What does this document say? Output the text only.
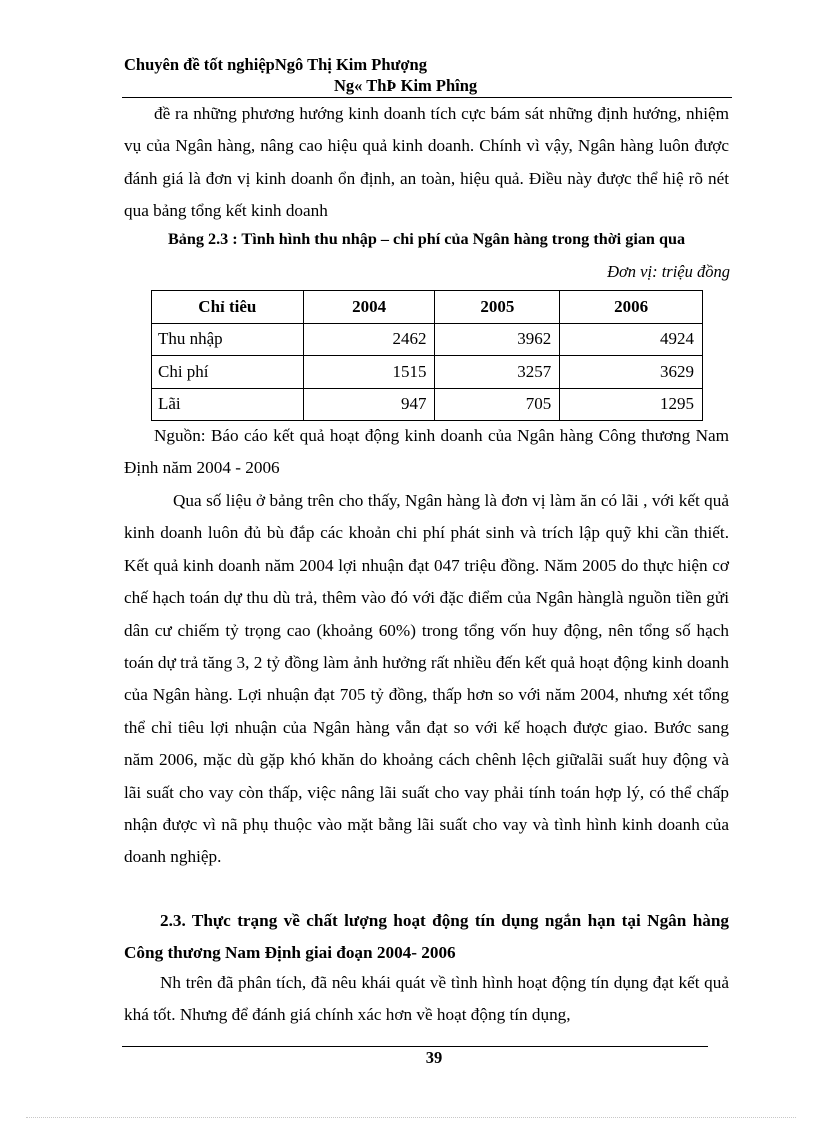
Chuyên đề tốt nghiệpNgô Thị Kim Phượng
Ng« ThÞ Kim Phîng
đề ra những phương hướng kinh doanh tích cực bám sát những định hướng, nhiệm vụ của Ngân hàng, nâng cao hiệu quả kinh doanh. Chính vì vậy, Ngân hàng luôn được đánh giá là đơn vị kinh doanh ổn định, an toàn, hiệu quả. Điều này được thể hiệ rõ nét qua bảng tổng kết kinh doanh
Bảng 2.3 : Tình hình thu nhập – chi phí của Ngân hàng trong thời gian qua
Đơn vị: triệu đồng
Chỉ tiêu	2004	2005	2006
Thu nhập	2462	3962	4924
Chi phí	1515	3257	3629
Lãi	947	705	1295
Nguồn: Báo cáo kết quả hoạt động kinh doanh của Ngân hàng Công thương Nam Định năm 2004 - 2006
Qua số liệu ở bảng trên cho thấy, Ngân hàng là đơn vị làm ăn có lãi , với kết quả kinh doanh luôn đủ bù đắp các khoản chi phí phát sinh và trích lập quỹ khi cần thiết. Kết quả kinh doanh năm 2004 lợi nhuận đạt 047 triệu đồng. Năm 2005 do thực hiện cơ chế hạch toán dự thu dù trả, thêm vào đó với đặc điểm của Ngân hànglà nguồn tiền gửi dân cư chiếm tỷ trọng cao (khoảng 60%) trong tổng vốn huy động, nên tổng số hạch toán dự trả tăng 3, 2 tỷ đồng làm ảnh hưởng rất nhiều đến kết quả hoạt động kinh doanh của Ngân hàng. Lợi nhuận đạt 705 tỷ đồng, thấp hơn so với năm 2004, nhưng xét tổng thể chỉ tiêu lợi nhuận của Ngân hàng vẫn đạt so với kế hoạch được giao. Bước sang năm 2006, mặc dù gặp khó khăn do khoảng cách chênh lệch giữalãi suất huy động và lãi suất cho vay còn thấp, việc nâng lãi suất cho vay phải tính toán hợp lý, có thể chấp nhận được vì nã phụ thuộc vào mặt bằng lãi suất cho vay và tình hình kinh doanh của doanh nghiệp.
2.3. Thực trạng về chất lượng hoạt động tín dụng ngắn hạn tại Ngân hàng Công thương Nam Định giai đoạn 2004- 2006
Nh trên đã phân tích, đã nêu khái quát về tình hình hoạt động tín dụng đạt kết quả khá tốt. Nhưng để đánh giá chính xác hơn về hoạt động tín dụng,
39
